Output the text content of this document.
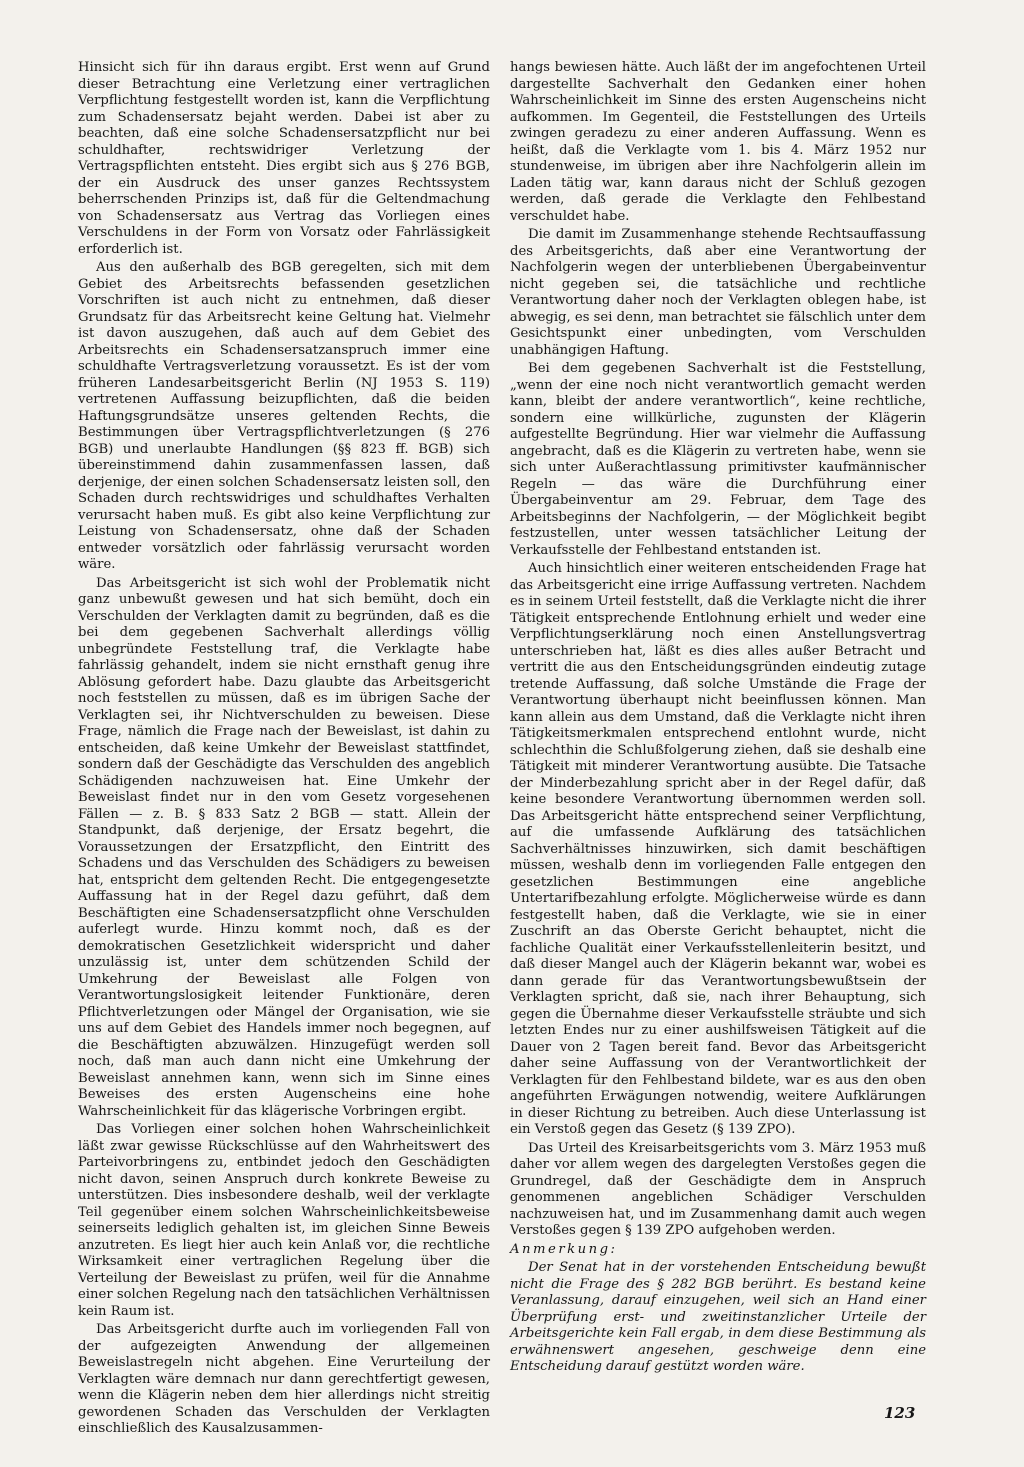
Hinsicht sich für ihn daraus ergibt. Erst wenn auf Grund dieser Betrachtung eine Verletzung einer vertraglichen Verpflichtung festgestellt worden ist, kann die Verpflichtung zum Schadensersatz bejaht werden. Dabei ist aber zu beachten, daß eine solche Schadensersatzpflicht nur bei schuldhafter, rechtswidriger Verletzung der Vertragspflichten entsteht. Dies ergibt sich aus § 276 BGB, der ein Ausdruck des unser ganzes Rechtssystem beherrschenden Prinzips ist, daß für die Geltendmachung von Schadensersatz aus Vertrag das Vorliegen eines Verschuldens in der Form von Vorsatz oder Fahrlässigkeit erforderlich ist.

Aus den außerhalb des BGB geregelten, sich mit dem Gebiet des Arbeitsrechts befassenden gesetzlichen Vorschriften ist auch nicht zu entnehmen, daß dieser Grundsatz für das Arbeitsrecht keine Geltung hat. Vielmehr ist davon auszugehen, daß auch auf dem Gebiet des Arbeitsrechts ein Schadensersatzanspruch immer eine schuldhafte Vertragsverletzung voraussetzt. Es ist der vom früheren Landesarbeitsgericht Berlin (NJ 1953 S. 119) vertretenen Auffassung beizupflichten, daß die beiden Haftungsgrundsätze unseres geltenden Rechts, die Bestimmungen über Vertragspflichtverletzungen (§ 276 BGB) und unerlaubte Handlungen (§§ 823 ff. BGB) sich übereinstimmend dahin zusammenfassen lassen, daß derjenige, der einen solchen Schadensersatz leisten soll, den Schaden durch rechtswidriges und schuldhaftes Verhalten verursacht haben muß. Es gibt also keine Verpflichtung zur Leistung von Schadensersatz, ohne daß der Schaden entweder vorsätzlich oder fahrlässig verursacht worden wäre.

Das Arbeitsgericht ist sich wohl der Problematik nicht ganz unbewußt gewesen und hat sich bemüht, doch ein Verschulden der Verklagten damit zu begründen, daß es die bei dem gegebenen Sachverhalt allerdings völlig unbegründete Feststellung traf, die Verklagte habe fahrlässig gehandelt, indem sie nicht ernsthaft genug ihre Ablösung gefordert habe. Dazu glaubte das Arbeitsgericht noch feststellen zu müssen, daß es im übrigen Sache der Verklagten sei, ihr Nichtverschulden zu beweisen. Diese Frage, nämlich die Frage nach der Beweislast, ist dahin zu entscheiden, daß keine Umkehr der Beweislast stattfindet, sondern daß der Geschädigte das Verschulden des angeblich Schädigenden nachzuweisen hat. Eine Umkehr der Beweislast findet nur in den vom Gesetz vorgesehenen Fällen — z. B. § 833 Satz 2 BGB — statt. Allein der Standpunkt, daß derjenige, der Ersatz begehrt, die Voraussetzungen der Ersatzpflicht, den Eintritt des Schadens und das Verschulden des Schädigers zu beweisen hat, entspricht dem geltenden Recht. Die entgegengesetzte Auffassung hat in der Regel dazu geführt, daß dem Beschäftigten eine Schadensersatzpflicht ohne Verschulden auferlegt wurde. Hinzu kommt noch, daß es der demokratischen Gesetzlichkeit widerspricht und daher unzulässig ist, unter dem schützenden Schild der Umkehrung der Beweislast alle Folgen von Verantwortungslosigkeit leitender Funktionäre, deren Pflichtverletzungen oder Mängel der Organisation, wie sie uns auf dem Gebiet des Handels immer noch begegnen, auf die Beschäftigten abzuwälzen. Hinzugefügt werden soll noch, daß man auch dann nicht eine Umkehrung der Beweislast annehmen kann, wenn sich im Sinne eines Beweises des ersten Augenscheins eine hohe Wahrscheinlichkeit für das klägerische Vorbringen ergibt.

Das Vorliegen einer solchen hohen Wahrscheinlichkeit läßt zwar gewisse Rückschlüsse auf den Wahrheitswert des Parteivorbringens zu, entbindet jedoch den Geschädigten nicht davon, seinen Anspruch durch konkrete Beweise zu unterstützen. Dies insbesondere deshalb, weil der verklagte Teil gegenüber einem solchen Wahrscheinlichkeitsbeweise seinerseits lediglich gehalten ist, im gleichen Sinne Beweis anzutreten. Es liegt hier auch kein Anlaß vor, die rechtliche Wirksamkeit einer vertraglichen Regelung über die Verteilung der Beweislast zu prüfen, weil für die Annahme einer solchen Regelung nach den tatsächlichen Verhältnissen kein Raum ist.

Das Arbeitsgericht durfte auch im vorliegenden Fall von der aufgezeigten Anwendung der allgemeinen Beweislastregeln nicht abgehen. Eine Verurteilung der Verklagten wäre demnach nur dann gerechtfertigt gewesen, wenn die Klägerin neben dem hier allerdings nicht streitig gewordenen Schaden das Verschulden der Verklagten einschließlich des Kausalzusammen-

hangs bewiesen hätte. Auch läßt der im angefochtenen Urteil dargestellte Sachverhalt den Gedanken einer hohen Wahrscheinlichkeit im Sinne des ersten Augenscheins nicht aufkommen. Im Gegenteil, die Feststellungen des Urteils zwingen geradezu zu einer anderen Auffassung. Wenn es heißt, daß die Verklagte vom 1. bis 4. März 1952 nur stundenweise, im übrigen aber ihre Nachfolgerin allein im Laden tätig war, kann daraus nicht der Schluß gezogen werden, daß gerade die Verklagte den Fehlbestand verschuldet habe.

Die damit im Zusammenhange stehende Rechtsauffassung des Arbeitsgerichts, daß aber eine Verantwortung der Nachfolgerin wegen der unterbliebenen Übergabeinventur nicht gegeben sei, die tatsächliche und rechtliche Verantwortung daher noch der Verklagten oblegen habe, ist abwegig, es sei denn, man betrachtet sie fälschlich unter dem Gesichtspunkt einer unbedingten, vom Verschulden unabhängigen Haftung.

Bei dem gegebenen Sachverhalt ist die Feststellung, „wenn der eine noch nicht verantwortlich gemacht werden kann, bleibt der andere verantwortlich“, keine rechtliche, sondern eine willkürliche, zugunsten der Klägerin aufgestellte Begründung. Hier war vielmehr die Auffassung angebracht, daß es die Klägerin zu vertreten habe, wenn sie sich unter Außerachtlassung primitivster kaufmännischer Regeln — das wäre die Durchführung einer Übergabeinventur am 29. Februar, dem Tage des Arbeitsbeginns der Nachfolgerin, — der Möglichkeit begibt festzustellen, unter wessen tatsächlicher Leitung der Verkaufsstelle der Fehlbestand entstanden ist.

Auch hinsichtlich einer weiteren entscheidenden Frage hat das Arbeitsgericht eine irrige Auffassung vertreten. Nachdem es in seinem Urteil feststellt, daß die Verklagte nicht die ihrer Tätigkeit entsprechende Entlohnung erhielt und weder eine Verpflichtungserklärung noch einen Anstellungsvertrag unterschrieben hat, läßt es dies alles außer Betracht und vertritt die aus den Entscheidungsgründen eindeutig zutage tretende Auffassung, daß solche Umstände die Frage der Verantwortung überhaupt nicht beeinflussen können. Man kann allein aus dem Umstand, daß die Verklagte nicht ihren Tätigkeitsmerkmalen entsprechend entlohnt wurde, nicht schlechthin die Schlußfolgerung ziehen, daß sie deshalb eine Tätigkeit mit minderer Verantwortung ausübte. Die Tatsache der Minderbezahlung spricht aber in der Regel dafür, daß keine besondere Verantwortung übernommen werden soll. Das Arbeitsgericht hätte entsprechend seiner Verpflichtung, auf die umfassende Aufklärung des tatsächlichen Sachverhältnisses hinzuwirken, sich damit beschäftigen müssen, weshalb denn im vorliegenden Falle entgegen den gesetzlichen Bestimmungen eine angebliche Untertarifbezahlung erfolgte. Möglicherweise würde es dann festgestellt haben, daß die Verklagte, wie sie in einer Zuschrift an das Oberste Gericht behauptet, nicht die fachliche Qualität einer Verkaufsstellenleiterin besitzt, und daß dieser Mangel auch der Klägerin bekannt war, wobei es dann gerade für das Verantwortungsbewußtsein der Verklagten spricht, daß sie, nach ihrer Behauptung, sich gegen die Übernahme dieser Verkaufsstelle sträubte und sich letzten Endes nur zu einer aushilfsweisen Tätigkeit auf die Dauer von 2 Tagen bereit fand. Bevor das Arbeitsgericht daher seine Auffassung von der Verantwortlichkeit der Verklagten für den Fehlbestand bildete, war es aus den oben angeführten Erwägungen notwendig, weitere Aufklärungen in dieser Richtung zu betreiben. Auch diese Unterlassung ist ein Verstoß gegen das Gesetz (§ 139 ZPO).

Das Urteil des Kreisarbeitsgerichts vom 3. März 1953 muß daher vor allem wegen des dargelegten Verstoßes gegen die Grundregel, daß der Geschädigte dem in Anspruch genommenen angeblichen Schädiger Verschulden nachzuweisen hat, und im Zusammenhang damit auch wegen Verstoßes gegen § 139 ZPO aufgehoben werden.

Anmerkung:

Der Senat hat in der vorstehenden Entscheidung bewußt nicht die Frage des § 282 BGB berührt. Es bestand keine Veranlassung, darauf einzugehen, weil sich an Hand einer Überprüfung erst- und zweitinstanzlicher Urteile der Arbeitsgerichte kein Fall ergab, in dem diese Bestimmung als erwähnenswert angesehen, geschweige denn eine Entscheidung darauf gestützt worden wäre.

123
